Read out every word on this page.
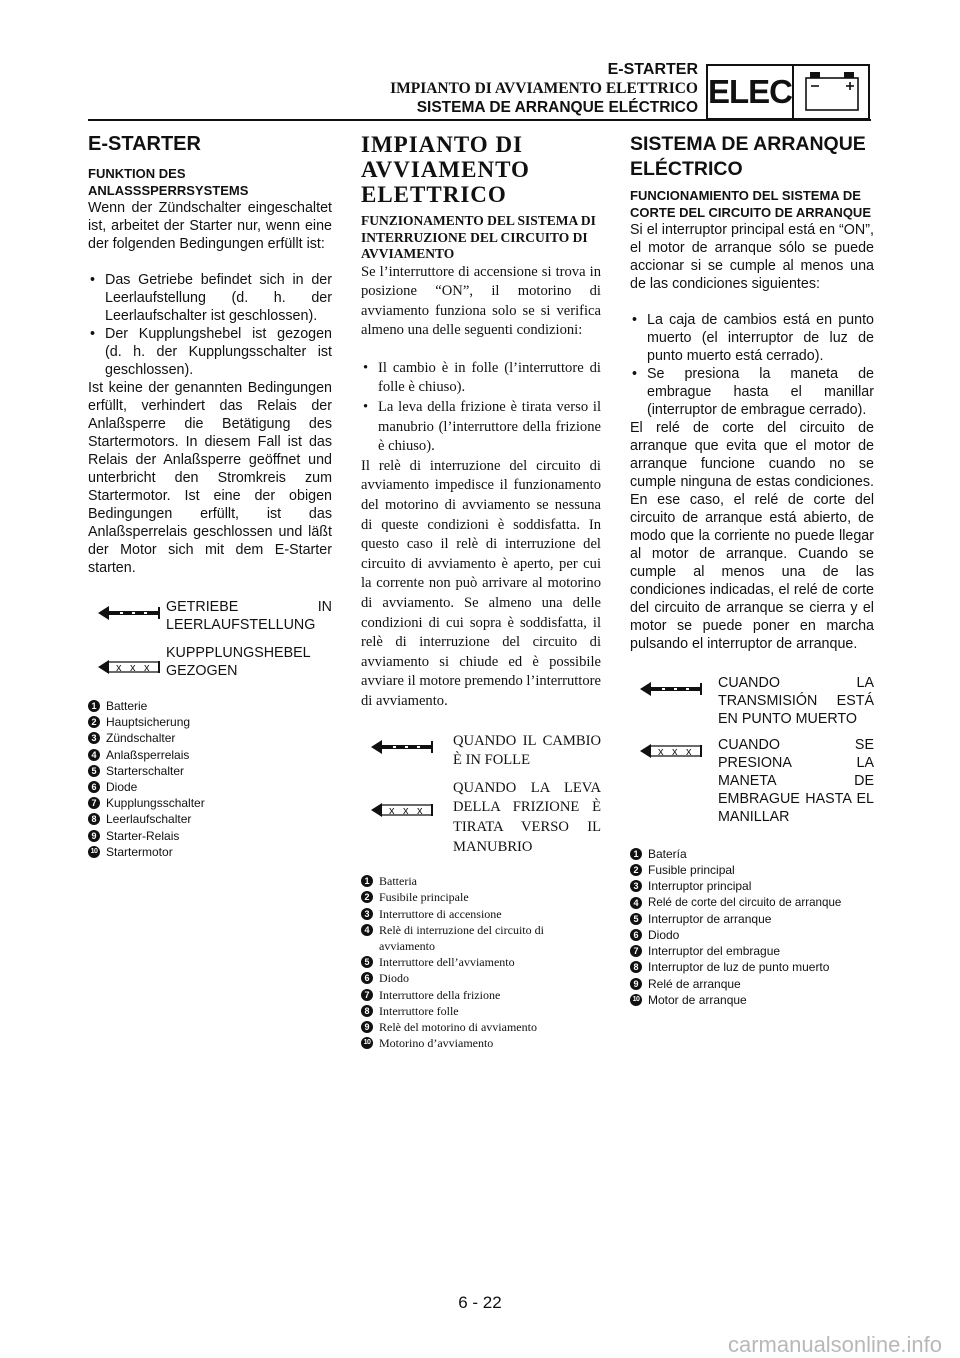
E-STARTER
IMPIANTO DI AVVIAMENTO ELETTRICO
SISTEMA DE ARRANQUE ELÉCTRICO ELEC
E-STARTER
FUNKTION DES ANLASSSPERRSYSTEMS
Wenn der Zündschalter eingeschaltet ist, arbeitet der Starter nur, wenn eine der folgenden Bedingungen erfüllt ist:
• Das Getriebe befindet sich in der Leerlaufstellung (d. h. der Leerlaufschalter ist geschlossen).
• Der Kupplungshebel ist gezogen (d. h. der Kupplungsschalter ist geschlossen).
Ist keine der genannten Bedingungen erfüllt, verhindert das Relais der Anlaßsperre die Betätigung des Startermotors. In diesem Fall ist das Relais der Anlaßsperre geöffnet und unterbricht den Stromkreis zum Startermotor. Ist eine der obigen Bedingungen erfüllt, ist das Anlaßsperrelais geschlossen und läßt der Motor sich mit dem E-Starter starten.
GETRIEBE IN LEERLAUFSTELLUNG
x x x
KUPPPLUNGSHEBEL GEZOGEN
1 Batterie
2 Hauptsicherung
3 Zündschalter
4 Anlaßsperrelais
5 Starterschalter
6 Diode
7 Kupplungsschalter
8 Leerlaufschalter
9 Starter-Relais
10 Startermotor
IMPIANTO DI AVVIAMENTO ELETTRICO
FUNZIONAMENTO DEL SISTEMA DI INTERRUZIONE DEL CIRCUITO DI AVVIAMENTO
Se l’interruttore di accensione si trova in posizione “ON”, il motorino di avviamento funziona solo se si verifica almeno una delle seguenti condizioni:
• Il cambio è in folle (l’interruttore di folle è chiuso).
• La leva della frizione è tirata verso il manubrio (l’interruttore della frizione è chiuso).
Il relè di interruzione del circuito di avviamento impedisce il funzionamento del motorino di avviamento se nessuna di queste condizioni è soddisfatta. In questo caso il relè di interruzione del circuito di avviamento è aperto, per cui la corrente non può arrivare al motorino di avviamento. Se almeno una delle condizioni di cui sopra è soddisfatta, il relè di interruzione del circuito di avviamento si chiude ed è possibile avviare il motore premendo l’interruttore di avviamento.
QUANDO IL CAMBIO È IN FOLLE
x x x
QUANDO LA LEVA DELLA FRIZIONE È TIRATA VERSO IL MANUBRIO
1 Batteria
2 Fusibile principale
3 Interruttore di accensione
4 Relè di interruzione del circuito di avviamento
5 Interruttore dell’avviamento
6 Diodo
7 Interruttore della frizione
8 Interruttore folle
9 Relè del motorino di avviamento
10 Motorino d’avviamento
SISTEMA DE ARRANQUE ELÉCTRICO
FUNCIONAMIENTO DEL SISTEMA DE CORTE DEL CIRCUITO DE ARRANQUE
Si el interruptor principal está en “ON”, el motor de arranque sólo se puede accionar si se cumple al menos una de las condiciones siguientes:
• La caja de cambios está en punto muerto (el interruptor de luz de punto muerto está cerrado).
• Se presiona la maneta de embrague hasta el manillar (interruptor de embrague cerrado).
El relé de corte del circuito de arranque que evita que el motor de arranque funcione cuando no se cumple ninguna de estas condiciones. En ese caso, el relé de corte del circuito de arranque está abierto, de modo que la corriente no puede llegar al motor de arranque. Cuando se cumple al menos una de las condiciones indicadas, el relé de corte del circuito de arranque se cierra y el motor se puede poner en marcha pulsando el interruptor de arranque.
CUANDO LA TRANSMISIÓN ESTÁ EN PUNTO MUERTO
x x x CUANDO SE PRESIONA LA MANETA DE EMBRAGUE HASTA EL MANILLAR
1 Batería
2 Fusible principal
3 Interruptor principal
4 Relé de corte del circuito de arranque
5 Interruptor de arranque
6 Diodo
7 Interruptor del embrague
8 Interruptor de luz de punto muerto
9 Relé de arranque
10 Motor de arranque
6 - 22
carmanualsonline.info
